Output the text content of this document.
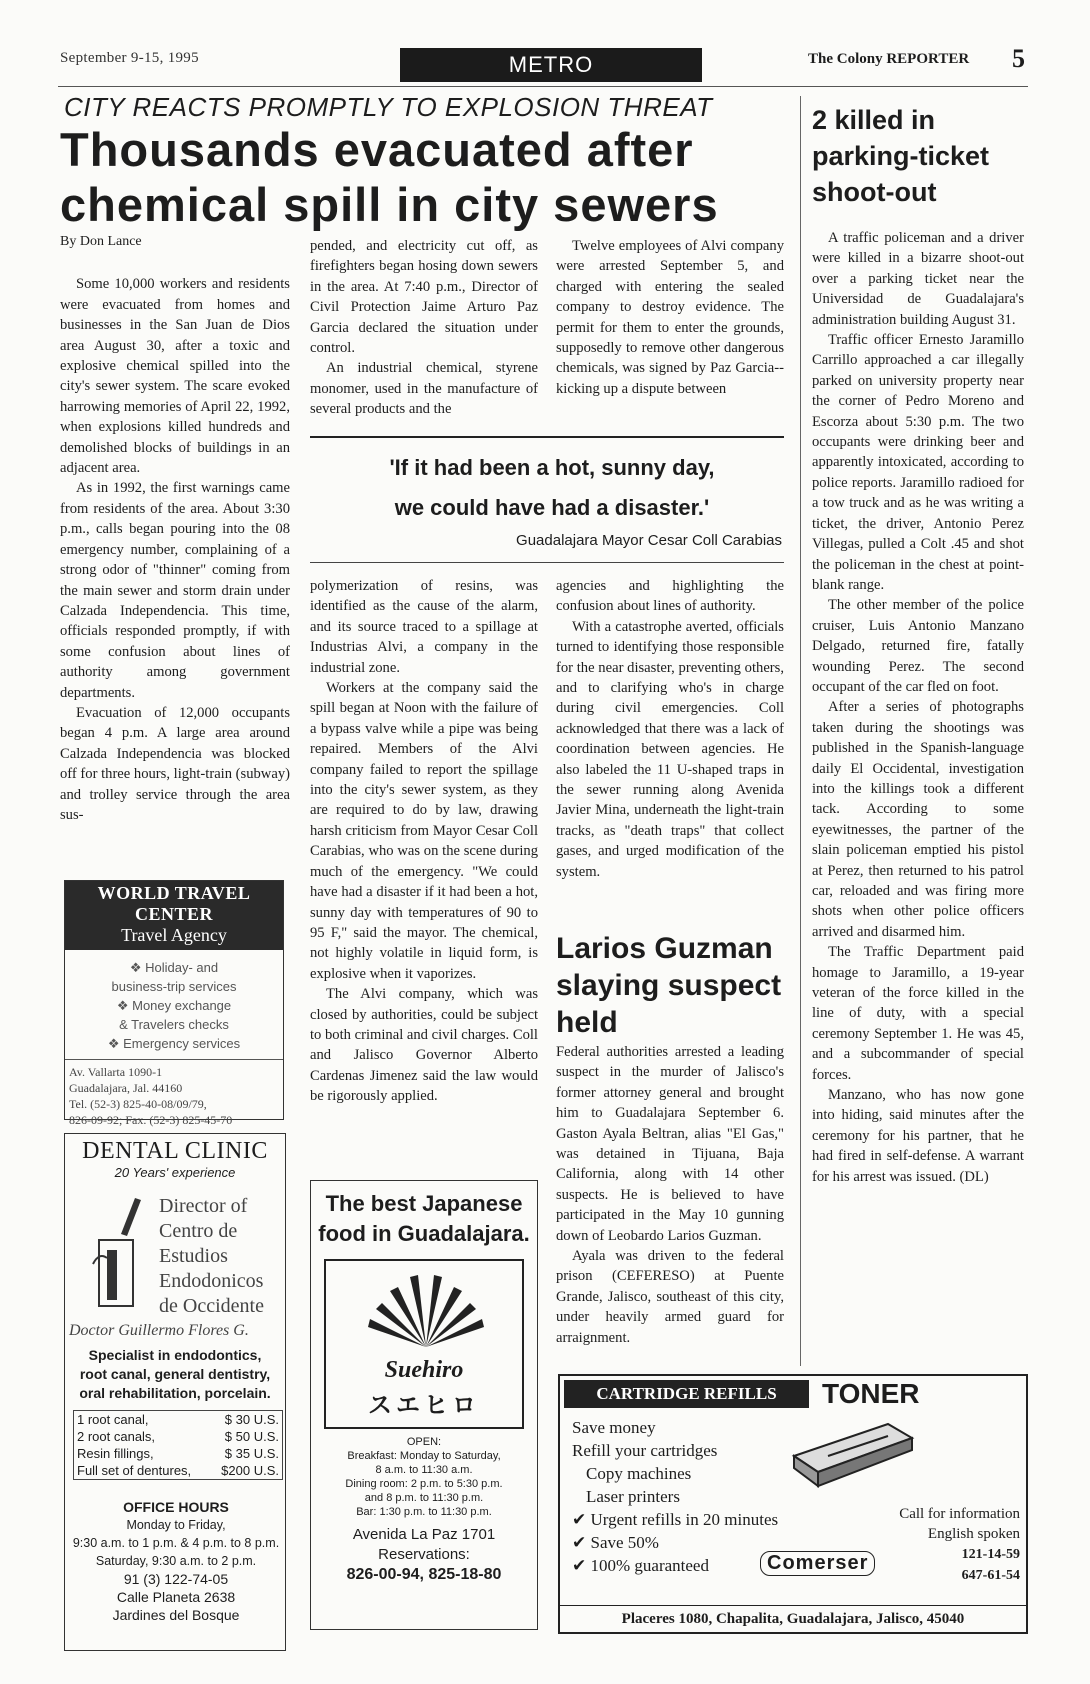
September 9-15, 1995	METRO	The Colony REPORTER 5
CITY REACTS PROMPTLY TO EXPLOSION THREAT
Thousands evacuated after chemical spill in city sewers
By Don Lance

Some 10,000 workers and residents were evacuated from homes and businesses in the San Juan de Dios area August 30, after a toxic and explosive chemical spilled into the city's sewer system. The scare evoked harrowing memories of April 22, 1992, when explosions killed hundreds and demolished blocks of buildings in an adjacent area.

As in 1992, the first warnings came from residents of the area. About 3:30 p.m., calls began pouring into the 08 emergency number, complaining of a strong odor of "thinner" coming from the main sewer and storm drain under Calzada Independencia. This time, officials responded promptly, if with some confusion about lines of authority among government departments.

Evacuation of 12,000 occupants began 4 p.m. A large area around Calzada Independencia was blocked off for three hours, light-train (subway) and trolley service through the area sus-

pended, and electricity cut off, as firefighters began hosing down sewers in the area. At 7:40 p.m., Director of Civil Protection Jaime Arturo Paz Garcia declared the situation under control.

An industrial chemical, styrene monomer, used in the manufacture of several products and the

Twelve employees of Alvi company were arrested September 5, and charged with entering the sealed company to destroy evidence. The permit for them to enter the grounds, supposedly to remove other dangerous chemicals, was signed by Paz Garcia-- kicking up a dispute between

'If it had been a hot, sunny day,
we could have had a disaster.'
Guadalajara Mayor Cesar Coll Carabias

polymerization of resins, was identified as the cause of the alarm, and its source traced to a spillage at Industrias Alvi, a company in the industrial zone.

Workers at the company said the spill began at Noon with the failure of a bypass valve while a pipe was being repaired. Members of the Alvi company failed to report the spillage into the city's sewer system, as they are required to do by law, drawing harsh criticism from Mayor Cesar Coll Carabias, who was on the scene during much of the emergency. "We could have had a disaster if it had been a hot, sunny day with temperatures of 90 to 95 F," said the mayor. The chemical, not highly volatile in liquid form, is explosive when it vaporizes.

The Alvi company, which was closed by authorities, could be subject to both criminal and civil charges. Coll and Jalisco Governor Alberto Cardenas Jimenez said the law would be rigorously applied.

agencies and highlighting the confusion about lines of authority.

With a catastrophe averted, officials turned to identifying those responsible for the near disaster, preventing others, and to clarifying who's in charge during civil emergencies. Coll acknowledged that there was a lack of coordination between agencies. He also labeled the 11 U-shaped traps in the sewer running along Avenida Javier Mina, underneath the light-train tracks, as "death traps" that collect gases, and urged modification of the system.

Larios Guzman slaying suspect held

Federal authorities arrested a leading suspect in the murder of Jalisco's former attorney general and brought him to Guadalajara September 6. Gaston Ayala Beltran, alias "El Gas," was detained in Tijuana, Baja California, along with 14 other suspects. He is believed to have participated in the May 10 gunning down of Leobardo Larios Guzman.

Ayala was driven to the federal prison (CEFERESO) at Puente Grande, Jalisco, southeast of this city, under heavily armed guard for arraignment.

2 killed in parking-ticket shoot-out

A traffic policeman and a driver were killed in a bizarre shoot-out over a parking ticket near the Universidad de Guadalajara's administration building August 31.

Traffic officer Ernesto Jaramillo Carrillo approached a car illegally parked on university property near the corner of Pedro Moreno and Escorza about 5:30 p.m. The two occupants were drinking beer and apparently intoxicated, according to police reports. Jaramillo radioed for a tow truck and as he was writing a ticket, the driver, Antonio Perez Villegas, pulled a Colt .45 and shot the policeman in the chest at point-blank range.

The other member of the police cruiser, Luis Antonio Manzano Delgado, returned fire, fatally wounding Perez. The second occupant of the car fled on foot.

After a series of photographs taken during the shootings was published in the Spanish-language daily El Occidental, investigation into the killings took a different tack. According to some eyewitnesses, the partner of the slain policeman emptied his pistol at Perez, then returned to his patrol car, reloaded and was firing more shots when other police officers arrived and disarmed him.

The Traffic Department paid homage to Jaramillo, a 19-year veteran of the force killed in the line of duty, with a special ceremony September 1. He was 45, and a subcommander of special forces.

Manzano, who has now gone into hiding, said minutes after the ceremony for his partner, that he had fired in self-defense. A warrant for his arrest was issued. (DL)

WORLD TRAVEL CENTER
Travel Agency
❖ Holiday- and
business-trip services
❖ Money exchange
& Travelers checks
❖ Emergency services
Av. Vallarta 1090-1
Guadalajara, Jal. 44160
Tel. (52-3) 825-40-08/09/79,
826-09-92; Fax. (52-3) 825-45-70
DENTAL CLINIC
20 Years' experience
Director of
Centro de
Estudios
Endodonicos
de Occidente
Doctor Guillermo Flores G.
Specialist in endodontics,
root canal, general dentistry,
oral rehabilitation, porcelain.
1 root canal,	$ 30 U.S.
2 root canals,	$ 50 U.S.
Resin fillings,	$ 35 U.S.
Full set of dentures,	$200 U.S.
OFFICE HOURS
Monday to Friday,
9:30 a.m. to 1 p.m. & 4 p.m. to 8 p.m.
Saturday, 9:30 a.m. to 2 p.m.
91 (3) 122-74-05
Calle Planeta 2638
Jardines del Bosque
The best Japanese food in Guadalajara.
Suehiro
スエヒロ
OPEN:
Breakfast: Monday to Saturday,
8 a.m. to 11:30 a.m.
Dining room: 2 p.m. to 5:30 p.m.
and 8 p.m. to 11:30 p.m.
Bar: 1:30 p.m. to 11:30 p.m.
Avenida La Paz 1701
Reservations:
826-00-94, 825-18-80
CARTRIDGE REFILLS	TONER
Save money
Refill your cartridges
Copy machines
Laser printers
✔ Urgent refills in 20 minutes
✔ Save 50%
✔ 100% guaranteed
Call for information
English spoken
121-14-59
647-61-54
Comerser
Placeres 1080, Chapalita, Guadalajara, Jalisco, 45040
